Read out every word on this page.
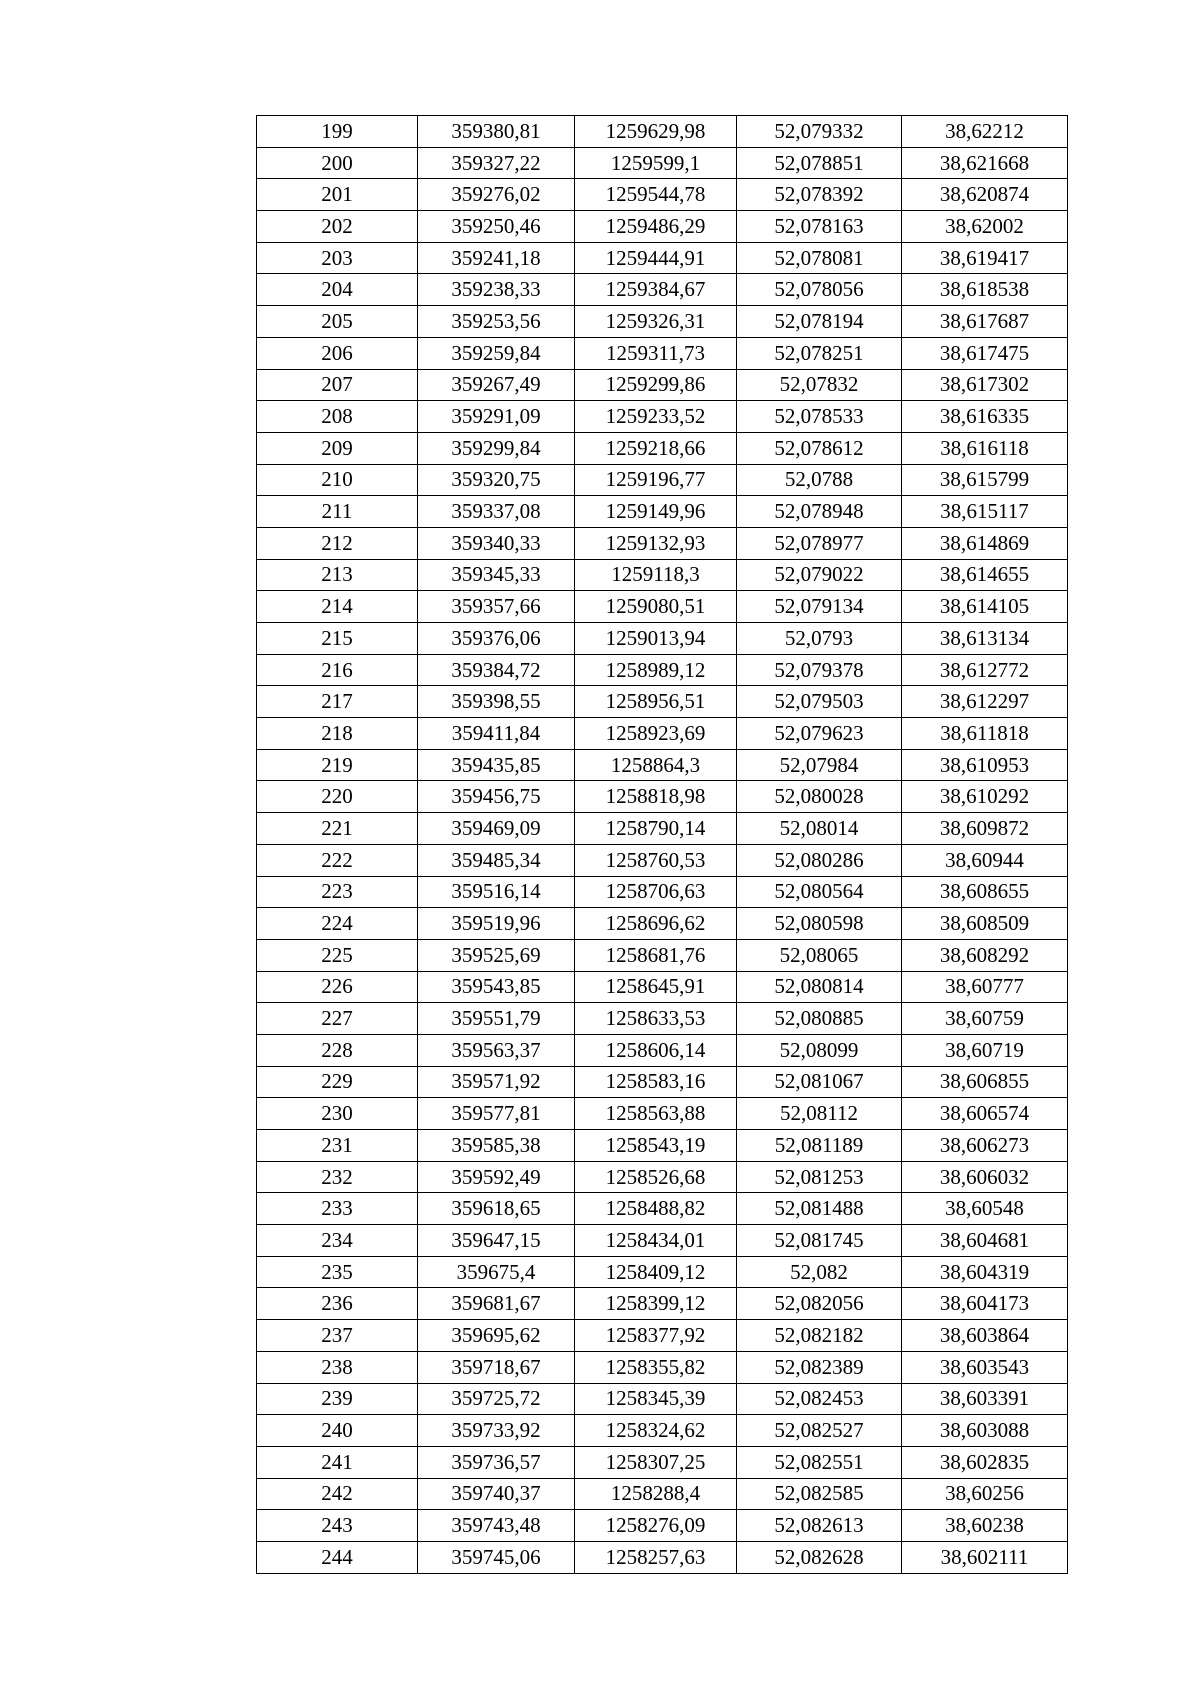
199	359380,81	1259629,98	52,079332	38,62212
200	359327,22	1259599,1	52,078851	38,621668
201	359276,02	1259544,78	52,078392	38,620874
202	359250,46	1259486,29	52,078163	38,62002
203	359241,18	1259444,91	52,078081	38,619417
204	359238,33	1259384,67	52,078056	38,618538
205	359253,56	1259326,31	52,078194	38,617687
206	359259,84	1259311,73	52,078251	38,617475
207	359267,49	1259299,86	52,07832	38,617302
208	359291,09	1259233,52	52,078533	38,616335
209	359299,84	1259218,66	52,078612	38,616118
210	359320,75	1259196,77	52,0788	38,615799
211	359337,08	1259149,96	52,078948	38,615117
212	359340,33	1259132,93	52,078977	38,614869
213	359345,33	1259118,3	52,079022	38,614655
214	359357,66	1259080,51	52,079134	38,614105
215	359376,06	1259013,94	52,0793	38,613134
216	359384,72	1258989,12	52,079378	38,612772
217	359398,55	1258956,51	52,079503	38,612297
218	359411,84	1258923,69	52,079623	38,611818
219	359435,85	1258864,3	52,07984	38,610953
220	359456,75	1258818,98	52,080028	38,610292
221	359469,09	1258790,14	52,08014	38,609872
222	359485,34	1258760,53	52,080286	38,60944
223	359516,14	1258706,63	52,080564	38,608655
224	359519,96	1258696,62	52,080598	38,608509
225	359525,69	1258681,76	52,08065	38,608292
226	359543,85	1258645,91	52,080814	38,60777
227	359551,79	1258633,53	52,080885	38,60759
228	359563,37	1258606,14	52,08099	38,60719
229	359571,92	1258583,16	52,081067	38,606855
230	359577,81	1258563,88	52,08112	38,606574
231	359585,38	1258543,19	52,081189	38,606273
232	359592,49	1258526,68	52,081253	38,606032
233	359618,65	1258488,82	52,081488	38,60548
234	359647,15	1258434,01	52,081745	38,604681
235	359675,4	1258409,12	52,082	38,604319
236	359681,67	1258399,12	52,082056	38,604173
237	359695,62	1258377,92	52,082182	38,603864
238	359718,67	1258355,82	52,082389	38,603543
239	359725,72	1258345,39	52,082453	38,603391
240	359733,92	1258324,62	52,082527	38,603088
241	359736,57	1258307,25	52,082551	38,602835
242	359740,37	1258288,4	52,082585	38,60256
243	359743,48	1258276,09	52,082613	38,60238
244	359745,06	1258257,63	52,082628	38,602111
